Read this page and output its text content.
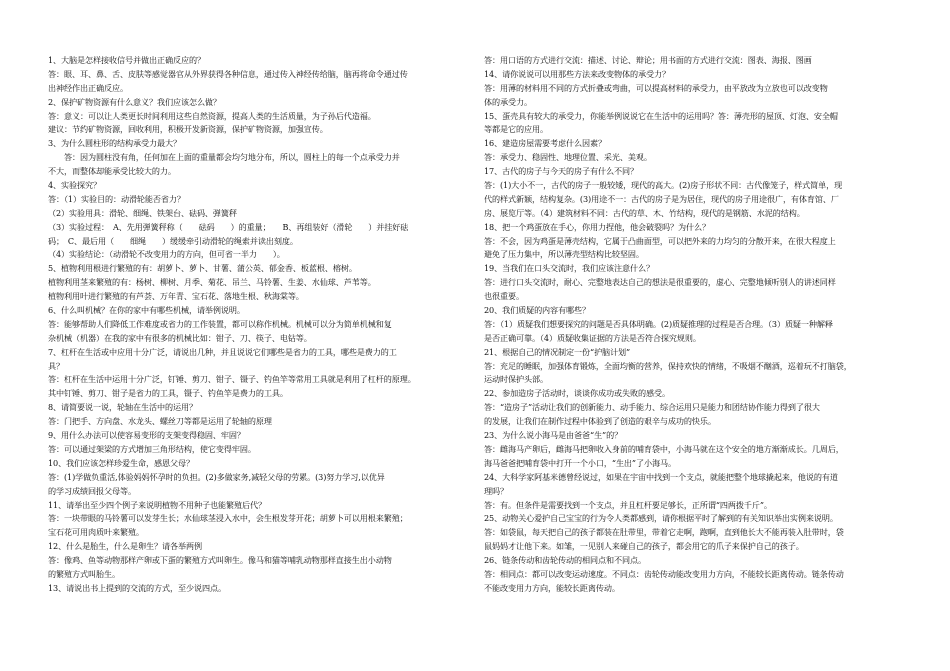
1、大脑是怎样接收信号并做出正确反应的？
答：眼、耳、鼻、舌、皮肤等感觉器官从外界获得各种信息，通过传入神经传给脑，脑再将命令通过传
出神经作出正确反应。
2、保护矿物资源有什么意义？我们应该怎么做？
答：意义：可以让人类更长时间利用这些自然资源，提高人类的生活质量，为子孙后代造福。
建议：节约矿物资源，回收利用，积极开发新资源，保护矿物资源，加强宣传。
3、为什么圆柱形的结构承受力最大？
　　答：因为圆柱没有角，任何加在上面的重量都会均匀地分布，所以，圆柱上的每一个点承受力并
不大，而整体却能承受比较大的力。
4、实验探究？
答：（1）实验目的：动滑轮能否省力？
（2）实验用具：滑轮、细绳、铁架台、砝码、弹簧秤
（3）实验过程：　A、先用弹簧秤称（　　砝码　　）的重量；　　B、再组装好（滑轮　　）并挂好砝
码；　C、最后用（　　细绳　　）缓缓牵引动滑轮的绳索并读出刻度。
（4）实验结论：（动滑轮不改变用力的方向，但可省一半力　　）。
5、植物利用根进行繁殖的有：胡萝卜、萝卜、甘薯、蒲公英、郁金香、板蓝根、榕树。
植物利用茎来繁殖的有：杨树、柳树、月季、菊花、吊兰、马铃薯、生姜、水仙球、芦苇等。
植物利用叶进行繁殖的有芦荟、万年青、宝石花、落地生根、秋海棠等。
6、什么叫机械？在你的家中有哪些机械，请举例说明。
答：能够帮助人们降低工作难度或省力的工作装置，都可以称作机械。机械可以分为简单机械和复
杂机械（机器）在我的家中有很多的机械比如：钳子、刀、筷子、电钻等。
7、杠杆在生活或中应用十分广泛，请说出几种，并且说说它们哪些是省力的工具，哪些是费力的工
具？
答：杠杆在生活中运用十分广泛，钉锤、剪刀、钳子、镊子、钓鱼竿等常用工具就是利用了杠杆的原理。
其中钉锤、剪刀、钳子是省力的工具，镊子、钓鱼竿是费力的工具。
8、请简要说一说，轮轴在生活中的运用？
答：门把手、方向盘、水龙头、螺丝刀等都是运用了轮轴的原理
9、用什么办法可以使容易变形的支架变得稳固、牢固？
答：可以通过架梁的方式增加三角形结构，使它变得牢固。
10、我们应该怎样珍爱生命，感恩父母？
答：(1)学做负重活,体验妈妈怀孕时的负担。(2)多做家务,减轻父母的劳累。(3)努力学习,以优异
的学习成绩回报父母等。
11、请举出至少四个例子来说明植物不用种子也能繁殖后代？
答：一块带眼的马铃薯可以发芽生长；水仙球茎浸入水中，会生根发芽开花；胡萝卜可以用根来繁殖；
宝石花可用肉质叶来繁殖。
12、什么是胎生，什么是卵生？请各举两例
答：像鸡、鱼等动物那样产卵或下蛋的繁殖方式叫卵生。像马和猫等哺乳动物那样直接生出小动物
的繁殖方式叫胎生。
13、请说出书上提到的交流的方式，至少说四点。
答：用口语的方式进行交流：描述、讨论、辩论；用书面的方式进行交流：图表、海报、图画
14、请你说说可以用那些方法来改变物体的承受力？
答：用薄的材料用不同的方式折叠或弯曲，可以提高材料的承受力，由平放改为立放也可以改变物
体的承受力。
15、蛋壳具有较大的承受力，你能举例说说它在生活中的运用吗？答：薄壳形的屋顶、灯泡、安全帽
等都是它的应用。
16、建造房屋需要考虑什么因素？
答：承受力、稳固性、地理位置、采光、美观。
17、古代的房子与今天的房子有什么不同？
答：(1)大小不一，古代的房子一般较矮，现代的高大。(2)房子形状不同：古代像笼子，样式简单，现
代的样式新颖，结构复杂。(3)用途不一：古代的房子是为居住，现代的房子用途很广，有体育馆、厂
房、展览厅等。（4）建筑材料不同：古代的草、木、竹结构，现代的是钢筋、水泥的结构。
18、把一个鸡蛋放在手心，你用力捏他，他会破裂吗？为什么？
答：不会，因为鸡蛋是薄壳结构，它属于凸曲面型，可以把外来的力均匀的分散开来，在很大程度上
避免了压力集中，所以薄壳型结构比较坚固。
19、当我们在口头交流时，我们应该注意什么？
答：进行口头交流时，耐心、完整地表达自己的想法是很重要的，虚心、完整地倾听别人的讲述同样
也很重要。
20、我们质疑的内容有哪些？
答：（1）质疑我们想要探究的问题是否具体明确。(2)质疑推理的过程是否合理。（3）质疑一种解释
是否正确可靠。（4）质疑收集证据的方法是否符合探究规则。
21、根据自己的情况制定一份“护脑计划”
答：充足的睡眠，加强体育锻炼，全面均衡的营养，保持欢快的情绪，不吸烟不酗酒，巡着玩不打脑袋，
运动时保护头部。
22、参加造房子活动时，谈谈你成功或失败的感受。
答：“造房子”活动让我们的创新能力、动手能力、综合运用只是能力和团结协作能力得到了很大
的发展，让我们在制作过程中体验到了创造的艰辛与成功的快乐。
23、为什么说小海马是由爸爸“生”的？
答：雌海马产卵后，雌海马把卵收入身前的哺育袋中，小海马就在这个安全的地方渐渐成长。几周后，
海马爸爸把哺育袋中打开一个小口，“生出”了小海马。
24、大科学家阿基米德曾经说过，如果在宇宙中找到一个支点，就能把整个地球撬起来，他说的有道
理吗？
答：有。但条件是需要找到一个支点，并且杠杆要足够长，正所谓“四两拨千斤”。
25、动物关心爱护自己宝宝的行为令人类都感到，请你根据平时了解到的有关知识举出实例来说明。
答：如袋鼠，每天把自己的孩子都装在肚带里，带着它走啊，跑啊，直到他长大不能再装入肚带时，袋
鼠妈妈才让他下来。如雏，一见别人来碰自己的孩子，都会用它的爪子来保护自己的孩子。
26、链条传动和齿轮传动的相同点和不同点。
答：相同点：都可以改变运动速度。不同点：齿轮传动能改变用力方向，不能较长距离传动。链条传动
不能改变用力方向，能较长距离传动。
